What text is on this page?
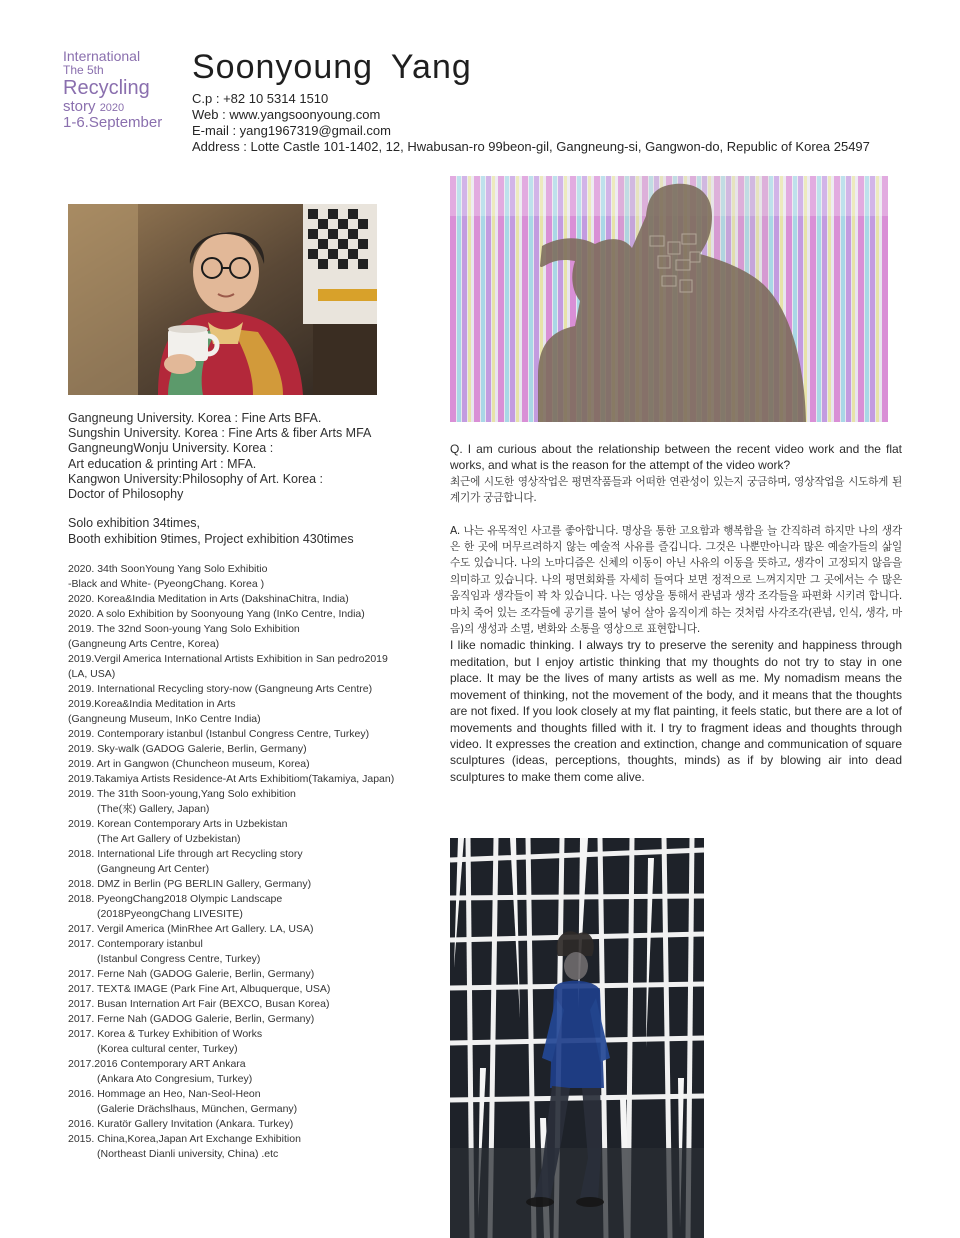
International
The 5th
Recycling
story 2020
1-6.September
Soonyoung Yang
C.p : +82 10 5314 1510
Web : www.yangsoonyoung.com
E-mail : yang1967319@gmail.com
Address : Lotte Castle 101-1402, 12, Hwabusan-ro 99beon-gil, Gangneung-si, Gangwon-do, Republic of Korea 25497
Gangneung University. Korea : Fine Arts BFA.
Sungshin University. Korea : Fine Arts & fiber Arts MFA
GangneungWonju University. Korea :
Art education & printing Art : MFA.
Kangwon University:Philosophy of Art. Korea :
Doctor of Philosophy
Solo exhibition 34times,
Booth exhibition 9times, Project exhibition 430times
2020. 34th SoonYoung Yang Solo Exhibitio
-Black and White- (PyeongChang. Korea )
2020. Korea&India Meditation in Arts (DakshinaChitra, India)
2020. A solo Exhibition by Soonyoung Yang (InKo Centre, India)
2019. The 32nd Soon-young Yang Solo Exhibition
(Gangneung Arts Centre, Korea)
2019.Vergil America International Artists Exhibition in San pedro2019
(LA, USA)
2019. International Recycling story-now (Gangneung Arts Centre)
2019.Korea&India Meditation in Arts
(Gangneung Museum, InKo Centre India)
2019. Contemporary istanbul (Istanbul Congress Centre, Turkey)
2019. Sky-walk (GADOG Galerie, Berlin, Germany)
2019. Art in Gangwon (Chuncheon museum, Korea)
2019.Takamiya Artists Residence-At Arts Exhibitiom(Takamiya, Japan)
2019. The 31th Soon-young,Yang Solo exhibition
(The(來) Gallery, Japan)
2019. Korean Contemporary Arts in Uzbekistan
(The Art Gallery of Uzbekistan)
2018. International Life through art Recycling story
(Gangneung Art Center)
2018. DMZ in Berlin (PG BERLIN Gallery, Germany)
2018. PyeongChang2018 Olympic Landscape
(2018PyeongChang LIVESITE)
2017. Vergil America (MinRhee Art Gallery. LA, USA)
2017. Contemporary istanbul
(Istanbul Congress Centre, Turkey)
2017. Ferne Nah (GADOG Galerie, Berlin, Germany)
2017. TEXT& IMAGE (Park Fine Art, Albuquerque, USA)
2017. Busan Internation Art Fair (BEXCO, Busan Korea)
2017. Ferne Nah (GADOG Galerie, Berlin, Germany)
2017. Korea & Turkey Exhibition of Works
(Korea cultural center, Turkey)
2017.2016 Contemporary ART Ankara
(Ankara Ato Congresium, Turkey)
2016. Hommage an Heo, Nan-Seol-Heon
(Galerie Drächslhaus, München, Germany)
2016. Kuratör Gallery Invitation (Ankara. Turkey)
2015. China,Korea,Japan Art Exchange Exhibition
(Northeast Dianli university, China) .etc

Q. I am curious about the relationship between the recent video work and the flat works, and what is the reason for the attempt of the video work?

최근에 시도한 영상작업은 평면작품들과 어떠한 연관성이 있는지 궁금하며, 영상작업을 시도하게 된 계기가 궁금합니다.

A. 나는 유목적인 사고를 좋아합니다. 명상을 통한 고요함과 행복함을 늘 간직하려 하지만 나의 생각은 한 곳에 머무르려하지 않는 예술적 사유를 즐깁니다. 그것은 나뿐만아니라 많은 예술가들의 삶일 수도 있습니다. 나의 노마디즘은 신체의 이동이 아닌 사유의 이동을 뜻하고, 생각이 고정되지 않음을 의미하고 있습니다. 나의 평면회화를 자세히 들여다 보면 정적으로 느껴지지만 그 곳에서는 수 많은 움직임과 생각들이 꽉 차 있습니다. 나는 영상을 통해서 관념과 생각 조각들을 파편화 시키려 합니다. 마치 죽어 있는 조각들에 공기를 불어 넣어 살아 움직이게 하는 것처럼 사각조각(관념, 인식, 생각, 마음)의 생성과 소멸, 변화와 소통을 영상으로 표현합니다.

I like nomadic thinking. I always try to preserve the serenity and happiness through meditation, but I enjoy artistic thinking that my thoughts do not try to stay in one place. It may be the lives of many artists as well as me. My nomadism means the movement of thinking, not the movement of the body, and it means that the thoughts are not fixed. If you look closely at my flat painting, it feels static, but there are a lot of movements and thoughts filled with it. I try to fragment ideas and thoughts through video. It expresses the creation and extinction, change and communication of square sculptures (ideas, perceptions, thoughts, minds) as if by blowing air into dead sculptures to make them come alive.
